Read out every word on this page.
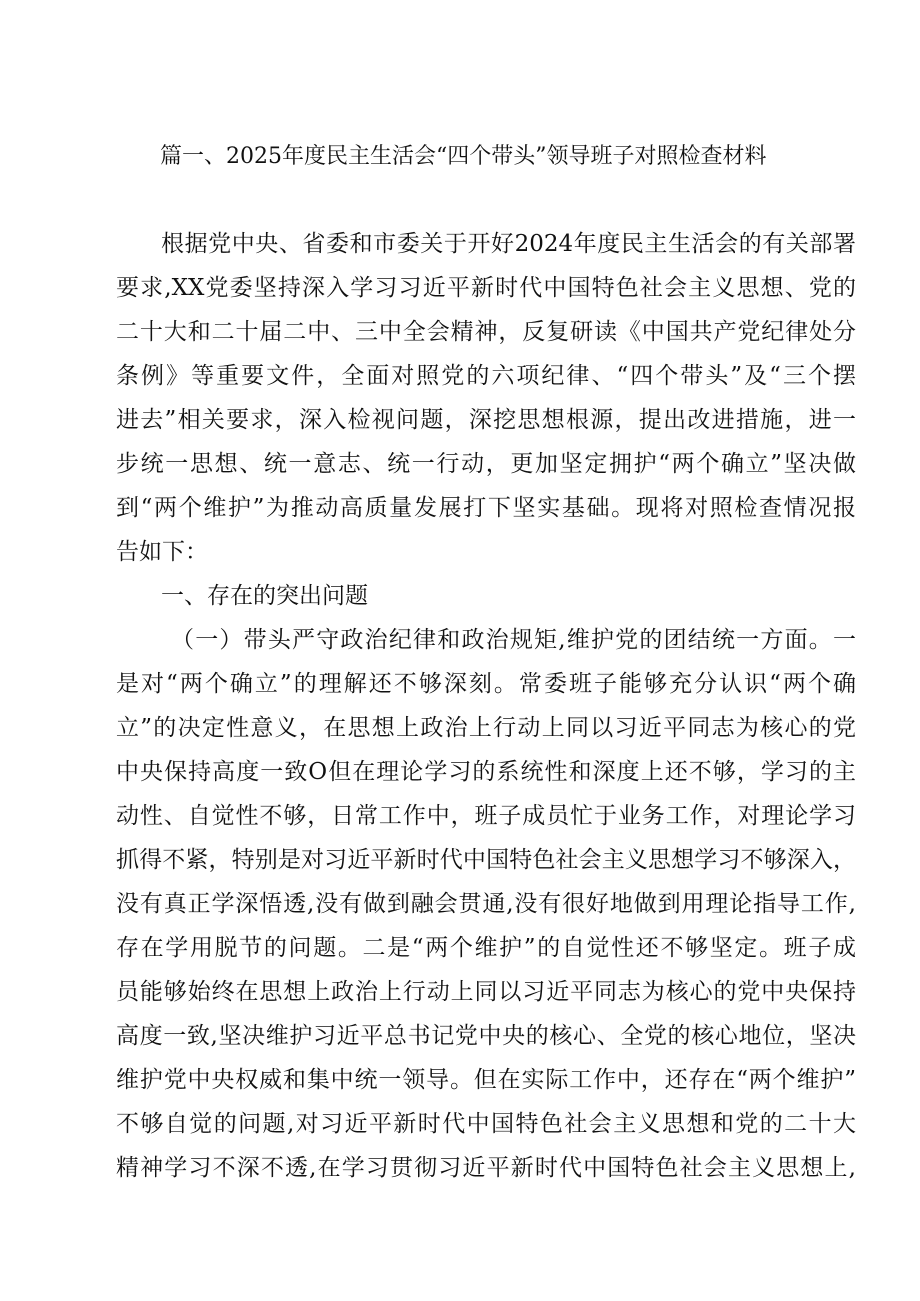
篇一、2025年度民主生活会“四个带头”领导班子对照检查材料
根据党中央、省委和市委关于开好2024年度民主生活会的有关部署
要求,XX党委坚持深入学习习近平新时代中国特色社会主义思想、党的
二十大和二十届二中、三中全会精神，反复研读《中国共产党纪律处分
条例》等重要文件，全面对照党的六项纪律、“四个带头”及“三个摆
进去”相关要求，深入检视问题，深挖思想根源，提出改进措施，进一
步统一思想、统一意志、统一行动，更加坚定拥护“两个确立”坚决做
到“两个维护”为推动高质量发展打下坚实基础。现将对照检查情况报
告如下：
一、存在的突出问题
（一）带头严守政治纪律和政治规矩,维护党的团结统一方面。一
是对“两个确立”的理解还不够深刻。常委班子能够充分认识“两个确
立”的决定性意义，在思想上政治上行动上同以习近平同志为核心的党
中央保持高度一致O但在理论学习的系统性和深度上还不够，学习的主
动性、自觉性不够，日常工作中，班子成员忙于业务工作，对理论学习
抓得不紧，特别是对习近平新时代中国特色社会主义思想学习不够深入，
没有真正学深悟透,没有做到融会贯通,没有很好地做到用理论指导工作,
存在学用脱节的问题。二是“两个维护”的自觉性还不够坚定。班子成
员能够始终在思想上政治上行动上同以习近平同志为核心的党中央保持
高度一致,坚决维护习近平总书记党中央的核心、全党的核心地位，坚决
维护党中央权威和集中统一领导。但在实际工作中，还存在“两个维护”
不够自觉的问题,对习近平新时代中国特色社会主义思想和党的二十大
精神学习不深不透,在学习贯彻习近平新时代中国特色社会主义思想上,
